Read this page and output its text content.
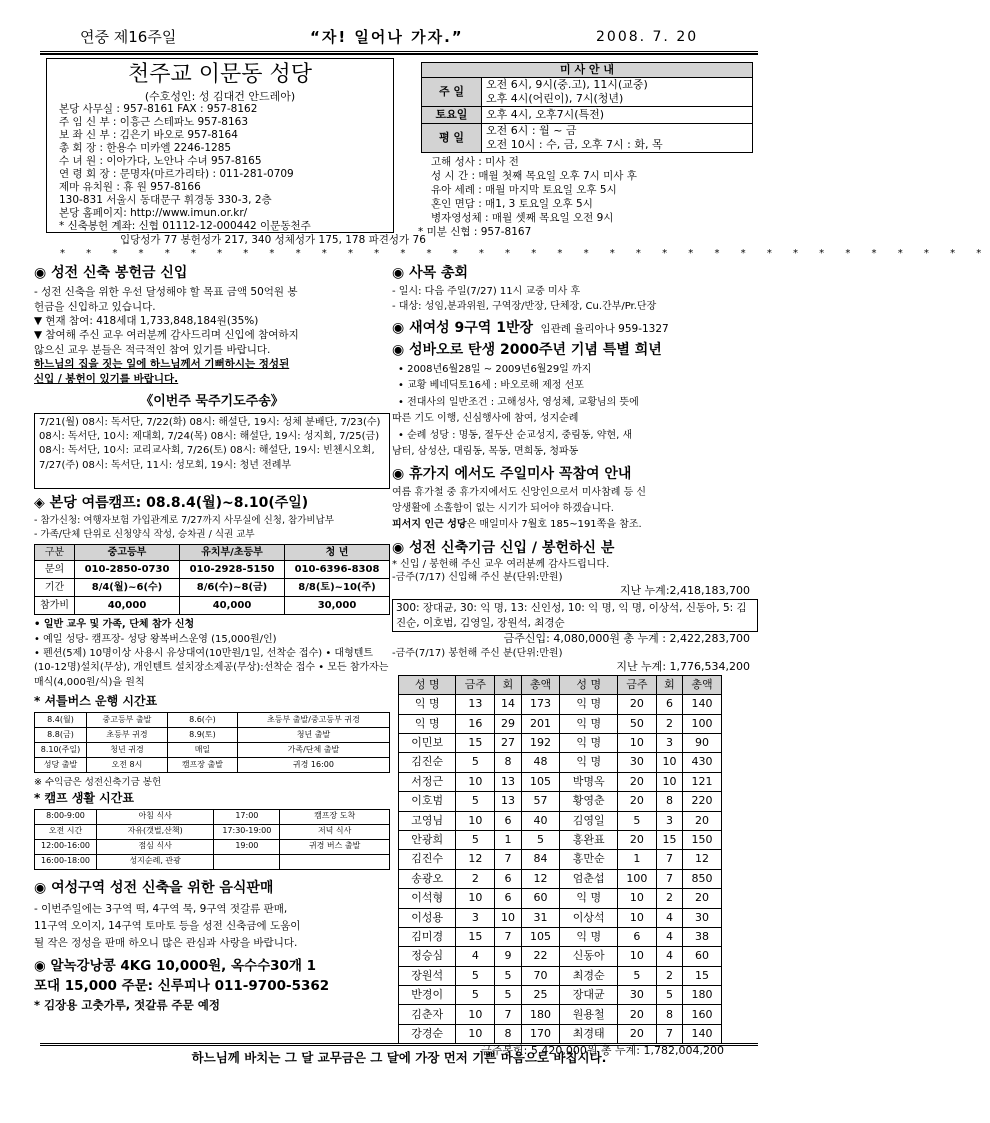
연중 제16주일	“자! 일어나 가자.”	2008. 7. 20
천주교 이문동 성당
(수호성인: 성 김대건 안드레아)
본당 사무실 : 957-8161 FAX : 957-8162
주 임 신 부 : 이흥근 스테파노 957-8163
보 좌 신 부 : 김은기 바오로 957-8164
총 회 장 : 한용수 미카엘 2246-1285
수 녀 원 : 이아가다, 노안나 수녀 957-8165
연 령 회 장 : 문명자(마르가리타) : 011-281-0709
제마 유치원 : 휴 원 957-8166
130-831 서울시 동대문구 휘경동 330-3, 2층
본당 홈페이지: http://www.imun.or.kr/
* 신축봉헌 계좌: 신협 01112-12-000442 이문동천주
입당성가 77 봉헌성가 217, 340 성체성가 175, 178 파견성가 76
미 사 안 내	
주 일	오전 6시, 9시(중.고), 11시(교중)
오후 4시(어린이), 7시(청년)

토요일	오후 4시, 오후7시(특전)

평 일	오전 6시 : 월 ~ 금
오전 10시 : 수, 금, 오후 7시 : 화, 목
고해 성사 : 미사 전
성 시 간 : 매월 첫째 목요일 오후 7시 미사 후
유아 세례 : 매월 마지막 토요일 오후 5시
혼인 면담 : 매1, 3 토요일 오후 5시
병자영성체 : 매월 셋째 목요일 오전 9시
* 미분 신협 : 957-8167
* * * * * * * * * * * * * * * * * * * * * * * * * * * * * * * * * * * *
◉ 성전 신축 봉헌금 신입
- 성전 신축을 위한 우선 달성해야 할 목표 금액 50억원 봉
헌금을 신입하고 있습니다.
▼ 현재 참여: 418세대 1,733,848,184원(35%)
▼ 참여해 주신 교우 여러분께 감사드리며 신입에 참여하지
않으신 교우 분들은 적극적인 참여 있기를 바랍니다.
하느님의 집을 짓는 일에 하느님께서 기뻐하시는 정성된
신입 / 봉헌이 있기를 바랍니다.
《이번주 묵주기도주송》
7/21(월) 08시: 독서단, 7/22(화) 08시: 해설단, 19시: 성체 분배단, 7/23(수) 08시: 독서단, 10시: 제대회, 7/24(목) 08시: 해설단, 19시: 성지회, 7/25(금) 08시: 독서단, 10시: 교리교사회, 7/26(토) 08시: 해설단, 19시: 빈첸시오회, 7/27(주) 08시: 독서단, 11시: 성모회, 19시: 청년 전례부
◈ 본당 여름캠프: 08.8.4(월)~8.10(주일)
- 참가신청: 여행자보험 가입관계로 7/27까지 사무실에 신청, 참가비납부
- 가족/단체 단위로 신청양식 작성, 승차권 / 식권 교부
구분	중고등부	유치부/초등부	청 년
문의	010-2850-0730	010-2928-5150	010-6396-8308
기간	8/4(월)~6(수)	8/6(수)~8(금)	8/8(토)~10(주)
참가비	40,000	40,000	30,000
• 일반 교우 및 가족, 단체 참가 신청
• 예일 성당- 캠프장- 성당 왕복버스운영 (15,000원/인)
• 펜션(5제) 10명이상 사용시 유상대여(10만원/1일, 선착순 접수) • 대형텐트(10-12명)설치(무상), 개인텐트 설치장소제공(무상):선착순 접수 • 모든 참가자는 매식(4,000원/식)을 원칙
* 셔틀버스 운행 시간표
8.4(월)	중고등부 출발	8.6(수)	초등부 출발/중고등부 귀경
8.8(금)	초등부 귀경	8.9(토)	청년 출발
8.10(주일)	청년 귀경	매일	가족/단체 출발
성당 출발	오전 8시	캠프장 출발	귀경 16:00
※ 수익금은 성전신축기금 봉헌
* 캠프 생활 시간표
8:00-9:00	아침 식사	17:00	캠프장 도착
오전 시간	자유(갯벌,산책)	17:30-19:00	저녁 식사
12:00-16:00	점심 식사	19:00	귀경 버스 출발
16:00-18:00	성지순례, 관광		
◉ 여성구역 성전 신축을 위한 음식판매
- 이번주일에는 3구역 떡, 4구역 묵, 9구역 젓갈류 판매,
11구역 오이지, 14구역 토마토 등을 성전 신축금에 도움이
될 작은 정성을 판매 하오니 많은 관심과 사랑을 바랍니다.
◉ 알녹강낭콩 4KG 10,000원, 옥수수30개 1
포대 15,000 주문: 신루피나 011-9700-5362
* 김장용 고춧가루, 젓갈류 주문 예정
◉ 사목 총회
- 일시: 다음 주일(7/27) 11시 교중 미사 후
- 대상: 성임,분과위원, 구역장/반장, 단체장, Cu.간부/Pr.단장
◉ 새여성 9구역 1반장 임관례 율리아나 959-1327
◉ 성바오로 탄생 2000주년 기념 특별 희년
• 2008년6월28일 ~ 2009년6월29일 까지
• 교황 베네딕토16세 : 바오로해 제정 선포
• 전대사의 일반조건 : 고해성사, 영성체, 교황님의 뜻에
따른 기도 이행, 신심행사에 참여, 성지순례
• 순례 성당 : 명동, 절두산 순교성지, 중림동, 약현, 새
남터, 삼성산, 대림동, 목동, 면희동, 청파동
◉ 휴가지 에서도 주일미사 꼭참여 안내
여름 휴가철 중 휴가지에서도 신앙인으로서 미사참례 등 신
앙생활에 소홀함이 없는 시기가 되어야 하겠습니다.
피서지 인근 성당은 매일미사 7월호 185~191쪽을 참조.
◉ 성전 신축기금 신입 / 봉헌하신 분
* 신입 / 봉헌해 주신 교우 여러분께 감사드립니다.
-금주(7/17) 신입해 주신 분(단위:만원)
지난 누계:2,418,183,700
300: 장대균, 30: 익 명, 13: 신인성, 10: 익 명, 익 명, 이상석, 신동아, 5: 김진순, 이호범, 김영일, 장원석, 최경순
금주신입: 4,080,000원 총 누계 : 2,422,283,700
-금주(7/17) 봉헌해 주신 분(단위:만원)
지난 누계: 1,776,534,200
성 명	금주	회	총액	성 명	금주	회	총액
익 명	13	14	173	익 명	20	6	140
익 명	16	29	201	익 명	50	2	100
이민보	15	27	192	익 명	10	3	90
김진순	5	8	48	익 명	30	10	430
서정근	10	13	105	박명옥	20	10	121
이호범	5	13	57	황영춘	20	8	220
고영님	10	6	40	김영일	5	3	20
안광희	5	1	5	홍완표	20	15	150
김진수	12	7	84	홍만순	1	7	12
송광오	2	6	12	엄춘섭	100	7	850
이석형	10	6	60	익 명	10	2	20
이성용	3	10	31	이상석	10	4	30
김미경	15	7	105	익 명	6	4	38
정승심	4	9	22	신동아	10	4	60
장원석	5	5	70	최경순	5	2	15
반경이	5	5	25	장대균	30	5	180
김춘자	10	7	180	원용철	20	8	160
강경순	10	8	170	최경태	20	7	140
금주봉헌: 5,420,000원 총 누계: 1,782,004,200
하느님께 바치는 그 달 교무금은 그 달에 가장 먼저 기쁜 마음으로 바칩시다.
